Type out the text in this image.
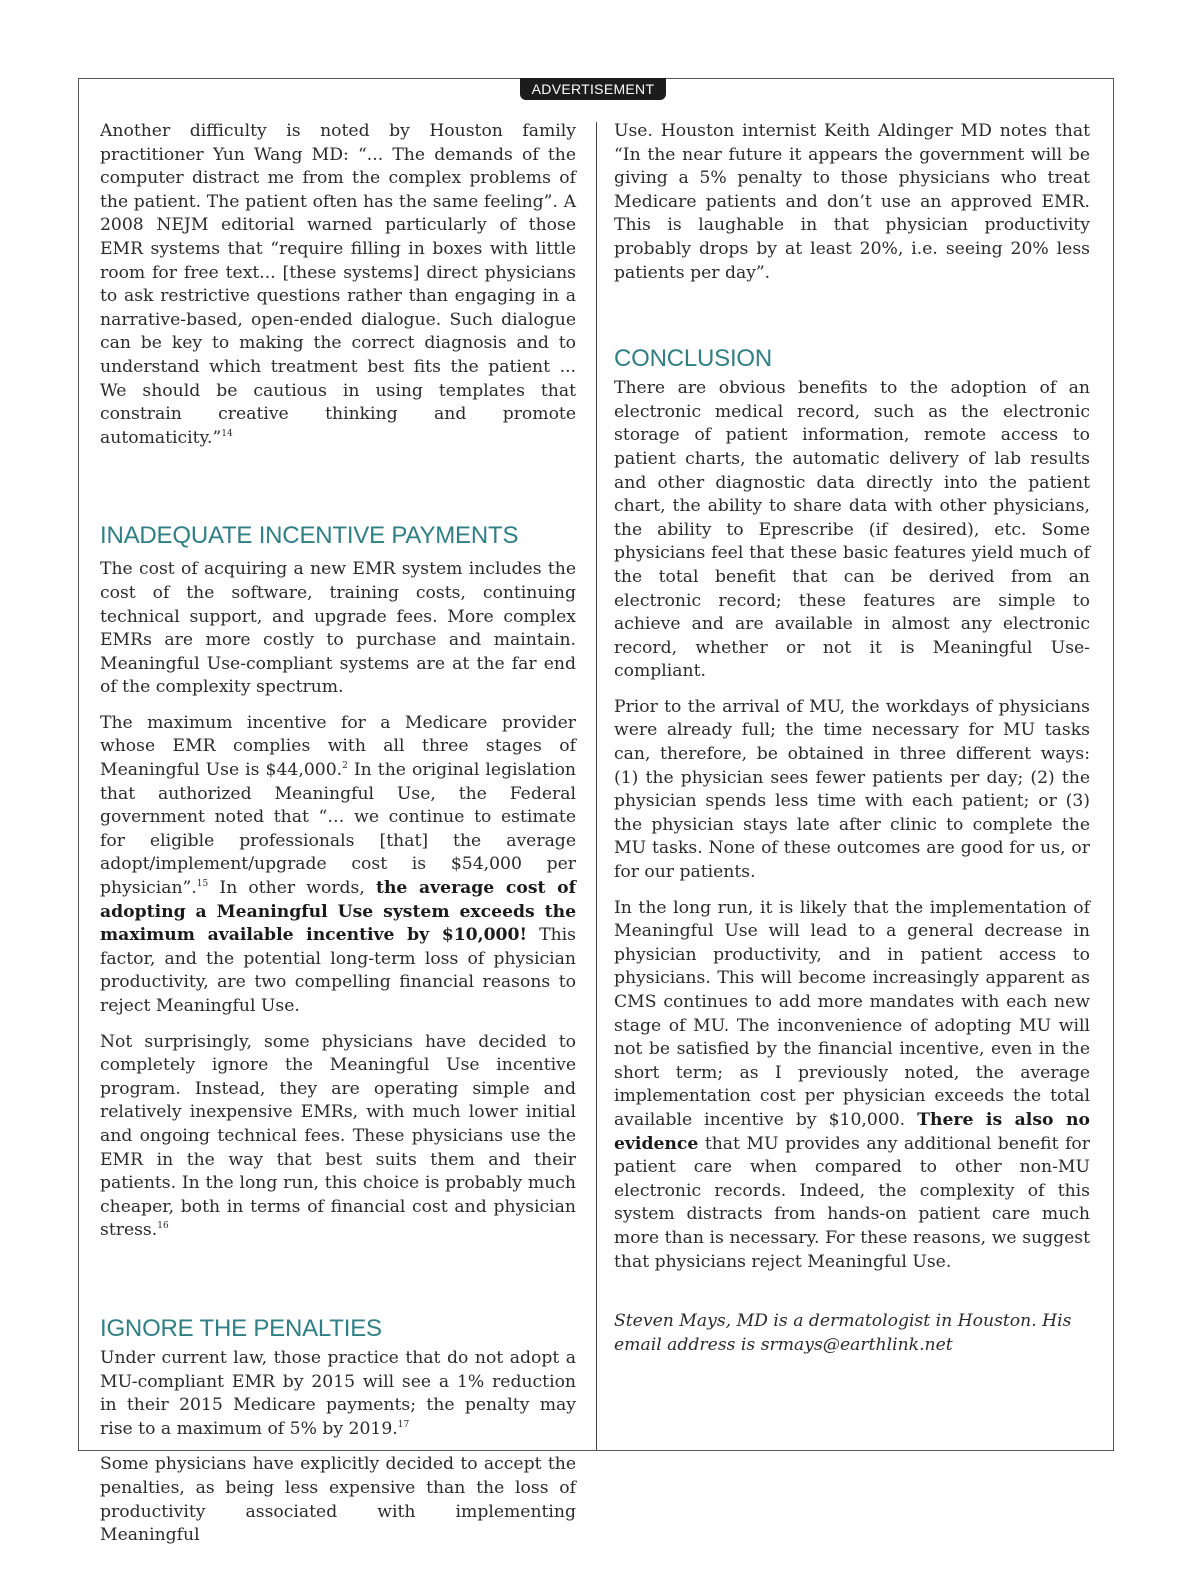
ADVERTISEMENT

Another difficulty is noted by Houston family practitioner Yun Wang MD: “... The demands of the computer distract me from the complex problems of the patient. The patient often has the same feeling”. A 2008 NEJM editorial warned particularly of those EMR systems that “require filling in boxes with little room for free text... [these systems] direct physicians to ask restrictive questions rather than engaging in a narrative-based, open-ended dialogue. Such dialogue can be key to making the correct diagnosis and to understand which treatment best fits the patient ... We should be cautious in using templates that constrain creative thinking and promote automaticity.”$^{14}$

INADEQUATE INCENTIVE PAYMENTS

The cost of acquiring a new EMR system includes the cost of the software, training costs, continuing technical support, and upgrade fees. More complex EMRs are more costly to purchase and maintain. Meaningful Use-compliant systems are at the far end of the complexity spectrum.

The maximum incentive for a Medicare provider whose EMR complies with all three stages of Meaningful Use is $44,000.$^2$ In the original legislation that authorized Meaningful Use, the Federal government noted that “… we continue to estimate for eligible professionals [that] the average adopt/implement/upgrade cost is $54,000 per physician”.$^{15}$ In other words, the average cost of adopting a Meaningful Use system exceeds the maximum available incentive by $10,000! This factor, and the potential long-term loss of physician productivity, are two compelling financial reasons to reject Meaningful Use.

Not surprisingly, some physicians have decided to completely ignore the Meaningful Use incentive program. Instead, they are operating simple and relatively inexpensive EMRs, with much lower initial and ongoing technical fees. These physicians use the EMR in the way that best suits them and their patients. In the long run, this choice is probably much cheaper, both in terms of financial cost and physician stress.$^{16}$

IGNORE THE PENALTIES

Under current law, those practice that do not adopt a MU-compliant EMR by 2015 will see a 1% reduction in their 2015 Medicare payments; the penalty may rise to a maximum of 5% by 2019.17

Some physicians have explicitly decided to accept the penalties, as being less expensive than the loss of productivity associated with implementing Meaningful

Use. Houston internist Keith Aldinger MD notes that “In the near future it appears the government will be giving a 5% penalty to those physicians who treat Medicare patients and don’t use an approved EMR. This is laughable in that physician productivity probably drops by at least 20%, i.e. seeing 20% less patients per day”.

CONCLUSION

There are obvious benefits to the adoption of an electronic medical record, such as the electronic storage of patient information, remote access to patient charts, the automatic delivery of lab results and other diagnostic data directly into the patient chart, the ability to share data with other physicians, the ability to Eprescribe (if desired), etc. Some physicians feel that these basic features yield much of the total benefit that can be derived from an electronic record; these features are simple to achieve and are available in almost any electronic record, whether or not it is Meaningful Use-compliant.

Prior to the arrival of MU, the workdays of physicians were already full; the time necessary for MU tasks can, therefore, be obtained in three different ways: (1) the physician sees fewer patients per day; (2) the physician spends less time with each patient; or (3) the physician stays late after clinic to complete the MU tasks. None of these outcomes are good for us, or for our patients.

In the long run, it is likely that the implementation of Meaningful Use will lead to a general decrease in physician productivity, and in patient access to physicians. This will become increasingly apparent as CMS continues to add more mandates with each new stage of MU. The inconvenience of adopting MU will not be satisfied by the financial incentive, even in the short term; as I previously noted, the average implementation cost per physician exceeds the total available incentive by $10,000. There is also no evidence that MU provides any additional benefit for patient care when compared to other non-MU electronic records. Indeed, the complexity of this system distracts from hands-on patient care much more than is necessary. For these reasons, we suggest that physicians reject Meaningful Use.

Steven Mays, MD is a dermatologist in Houston. His email address is srmays@earthlink.net
